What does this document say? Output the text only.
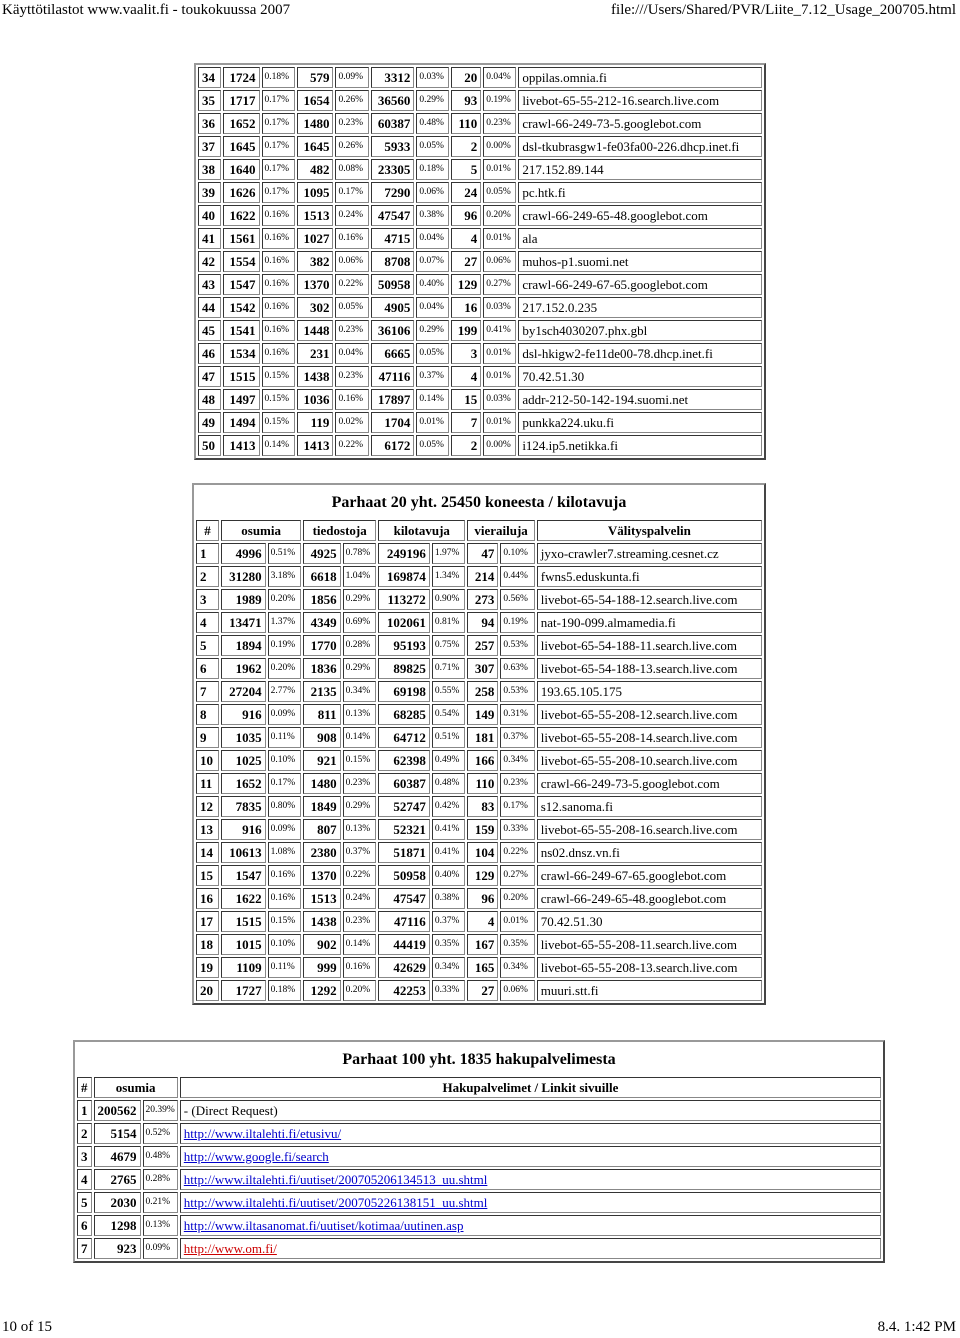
Käyttötilastot www.vaalit.fi - toukokuussa 2007	file:///Users/Shared/PVR/Liite_7.12_Usage_200705.html
34	1724	0.18%	579	0.09%	3312	0.03%	20	0.04%	oppilas.omnia.fi
35	1717	0.17%	1654	0.26%	36560	0.29%	93	0.19%	livebot-65-55-212-16.search.live.com
36	1652	0.17%	1480	0.23%	60387	0.48%	110	0.23%	crawl-66-249-73-5.googlebot.com
37	1645	0.17%	1645	0.26%	5933	0.05%	2	0.00%	dsl-tkubrasgw1-fe03fa00-226.dhcp.inet.fi
38	1640	0.17%	482	0.08%	23305	0.18%	5	0.01%	217.152.89.144
39	1626	0.17%	1095	0.17%	7290	0.06%	24	0.05%	pc.htk.fi
40	1622	0.16%	1513	0.24%	47547	0.38%	96	0.20%	crawl-66-249-65-48.googlebot.com
41	1561	0.16%	1027	0.16%	4715	0.04%	4	0.01%	ala
42	1554	0.16%	382	0.06%	8708	0.07%	27	0.06%	muhos-p1.suomi.net
43	1547	0.16%	1370	0.22%	50958	0.40%	129	0.27%	crawl-66-249-67-65.googlebot.com
44	1542	0.16%	302	0.05%	4905	0.04%	16	0.03%	217.152.0.235
45	1541	0.16%	1448	0.23%	36106	0.29%	199	0.41%	by1sch4030207.phx.gbl
46	1534	0.16%	231	0.04%	6665	0.05%	3	0.01%	dsl-hkigw2-fe11de00-78.dhcp.inet.fi
47	1515	0.15%	1438	0.23%	47116	0.37%	4	0.01%	70.42.51.30
48	1497	0.15%	1036	0.16%	17897	0.14%	15	0.03%	addr-212-50-142-194.suomi.net
49	1494	0.15%	119	0.02%	1704	0.01%	7	0.01%	punkka224.uku.fi
50	1413	0.14%	1413	0.22%	6172	0.05%	2	0.00%	i124.ip5.netikka.fi
Parhaat 20 yht. 25450 koneesta / kilotavuja									
#	osumia		tiedostoja		kilotavuja		vierailuja		Välityspalvelin
1	4996	0.51%	4925	0.78%	249196	1.97%	47	0.10%	jyxo-crawler7.streaming.cesnet.cz
2	31280	3.18%	6618	1.04%	169874	1.34%	214	0.44%	fwns5.eduskunta.fi
3	1989	0.20%	1856	0.29%	113272	0.90%	273	0.56%	livebot-65-54-188-12.search.live.com
4	13471	1.37%	4349	0.69%	102061	0.81%	94	0.19%	nat-190-099.almamedia.fi
5	1894	0.19%	1770	0.28%	95193	0.75%	257	0.53%	livebot-65-54-188-11.search.live.com
6	1962	0.20%	1836	0.29%	89825	0.71%	307	0.63%	livebot-65-54-188-13.search.live.com
7	27204	2.77%	2135	0.34%	69198	0.55%	258	0.53%	193.65.105.175
8	916	0.09%	811	0.13%	68285	0.54%	149	0.31%	livebot-65-55-208-12.search.live.com
9	1035	0.11%	908	0.14%	64712	0.51%	181	0.37%	livebot-65-55-208-14.search.live.com
10	1025	0.10%	921	0.15%	62398	0.49%	166	0.34%	livebot-65-55-208-10.search.live.com
11	1652	0.17%	1480	0.23%	60387	0.48%	110	0.23%	crawl-66-249-73-5.googlebot.com
12	7835	0.80%	1849	0.29%	52747	0.42%	83	0.17%	s12.sanoma.fi
13	916	0.09%	807	0.13%	52321	0.41%	159	0.33%	livebot-65-55-208-16.search.live.com
14	10613	1.08%	2380	0.37%	51871	0.41%	104	0.22%	ns02.dnsz.vn.fi
15	1547	0.16%	1370	0.22%	50958	0.40%	129	0.27%	crawl-66-249-67-65.googlebot.com
16	1622	0.16%	1513	0.24%	47547	0.38%	96	0.20%	crawl-66-249-65-48.googlebot.com
17	1515	0.15%	1438	0.23%	47116	0.37%	4	0.01%	70.42.51.30
18	1015	0.10%	902	0.14%	44419	0.35%	167	0.35%	livebot-65-55-208-11.search.live.com
19	1109	0.11%	999	0.16%	42629	0.34%	165	0.34%	livebot-65-55-208-13.search.live.com
20	1727	0.18%	1292	0.20%	42253	0.33%	27	0.06%	muuri.stt.fi
Parhaat 100 yht. 1835 hakupalvelimesta			
#	osumia		Hakupalvelimet / Linkit sivuille
1	200562	20.39%	- (Direct Request)
2	5154	0.52%	http://www.iltalehti.fi/etusivu/
3	4679	0.48%	http://www.google.fi/search
4	2765	0.28%	http://www.iltalehti.fi/uutiset/200705206134513_uu.shtml
5	2030	0.21%	http://www.iltalehti.fi/uutiset/200705226138151_uu.shtml
6	1298	0.13%	http://www.iltasanomat.fi/uutiset/kotimaa/uutinen.asp
7	923	0.09%	http://www.om.fi/
10 of 15	8.4. 1:42 PM
